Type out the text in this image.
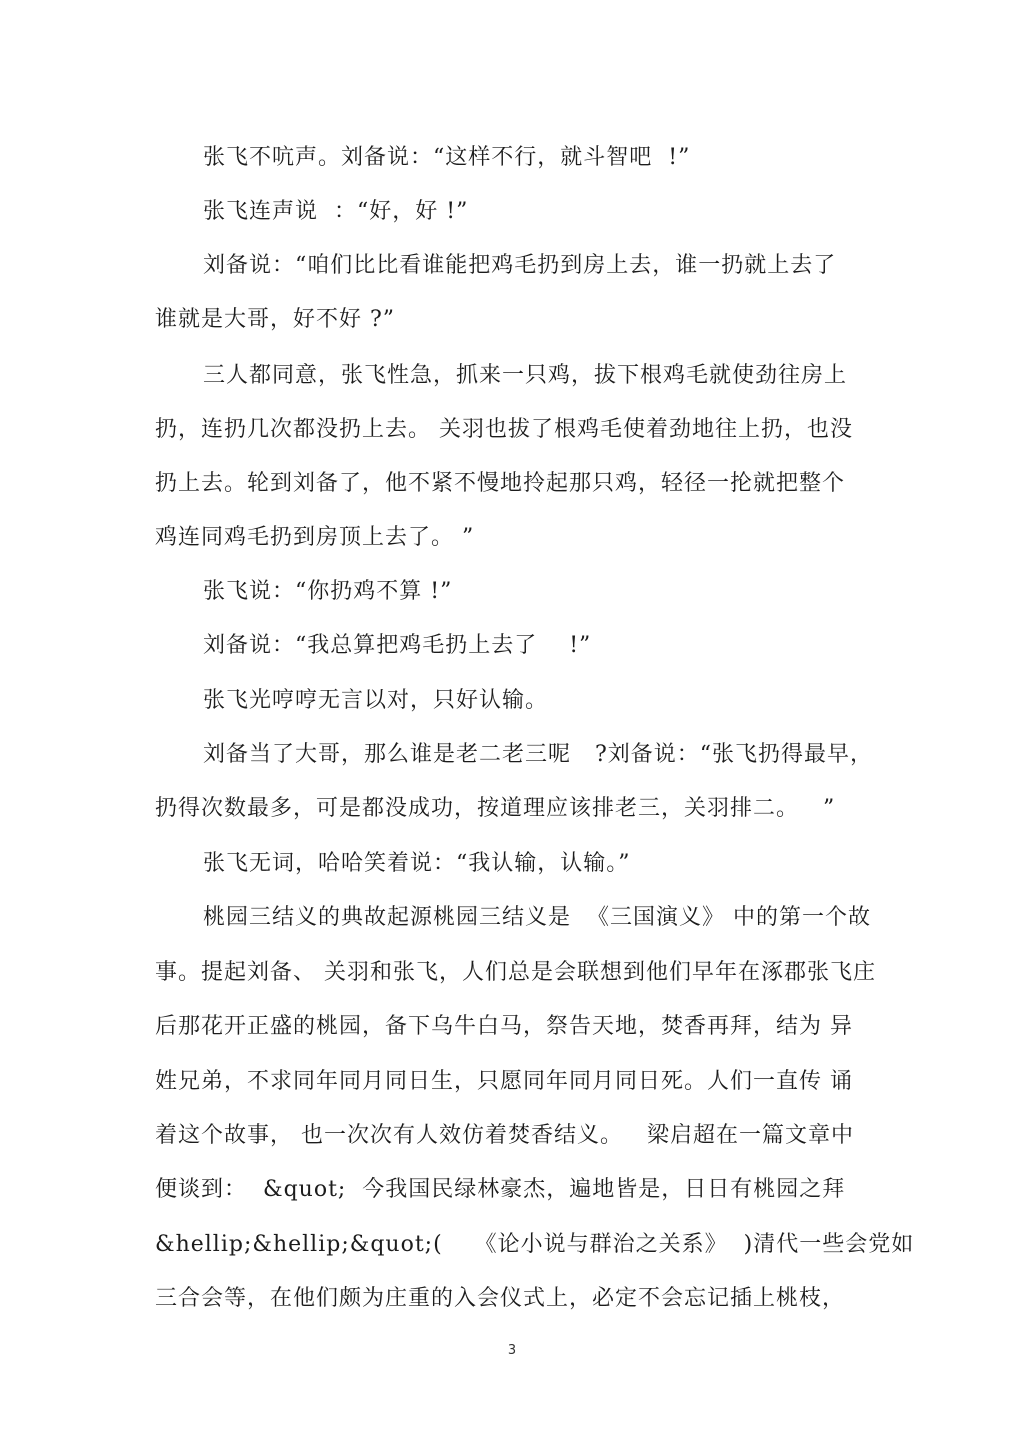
张飞不吭声。刘备说：“这样不行，就斗智吧  !”
张飞连声说  ：“好，好 !”
刘备说：“咱们比比看谁能把鸡毛扔到房上去，谁一扔就上去了
谁就是大哥，好不好 ?”
三人都同意，张飞性急，抓来一只鸡，拔下根鸡毛就使劲往房上
扔，连扔几次都没扔上去。 关羽也拔了根鸡毛使着劲地往上扔，也没
扔上去。轮到刘备了，他不紧不慢地拎起那只鸡，轻径一抡就把整个
鸡连同鸡毛扔到房顶上去了。 ”
张飞说：“你扔鸡不算 !”
刘备说：“我总算把鸡毛扔上去了    !”
张飞光哼哼无言以对，只好认输。
刘备当了大哥，那么谁是老二老三呢   ?刘备说：“张飞扔得最早，
扔得次数最多，可是都没成功，按道理应该排老三，关羽排二。   ”
张飞无词，哈哈笑着说：“我认输，认输。”
桃园三结义的典故起源桃园三结义是  《三国演义》 中的第一个故
事。提起刘备、 关羽和张飞，人们总是会联想到他们早年在涿郡张飞庄
后那花开正盛的桃园，备下乌牛白马，祭告天地，焚香再拜，结为 异
姓兄弟，不求同年同月同日生，只愿同年同月同日死。人们一直传 诵
着这个故事， 也一次次有人效仿着焚香结义。   梁启超在一篇文章中
便谈到：  &quot;  今我国民绿林豪杰，遍地皆是，日日有桃园之拜
&hellip;&hellip;&quot;(    《论小说与群治之关系》  )清代一些会党如
三合会等，在他们颇为庄重的入会仪式上，必定不会忘记插上桃枝，
3
